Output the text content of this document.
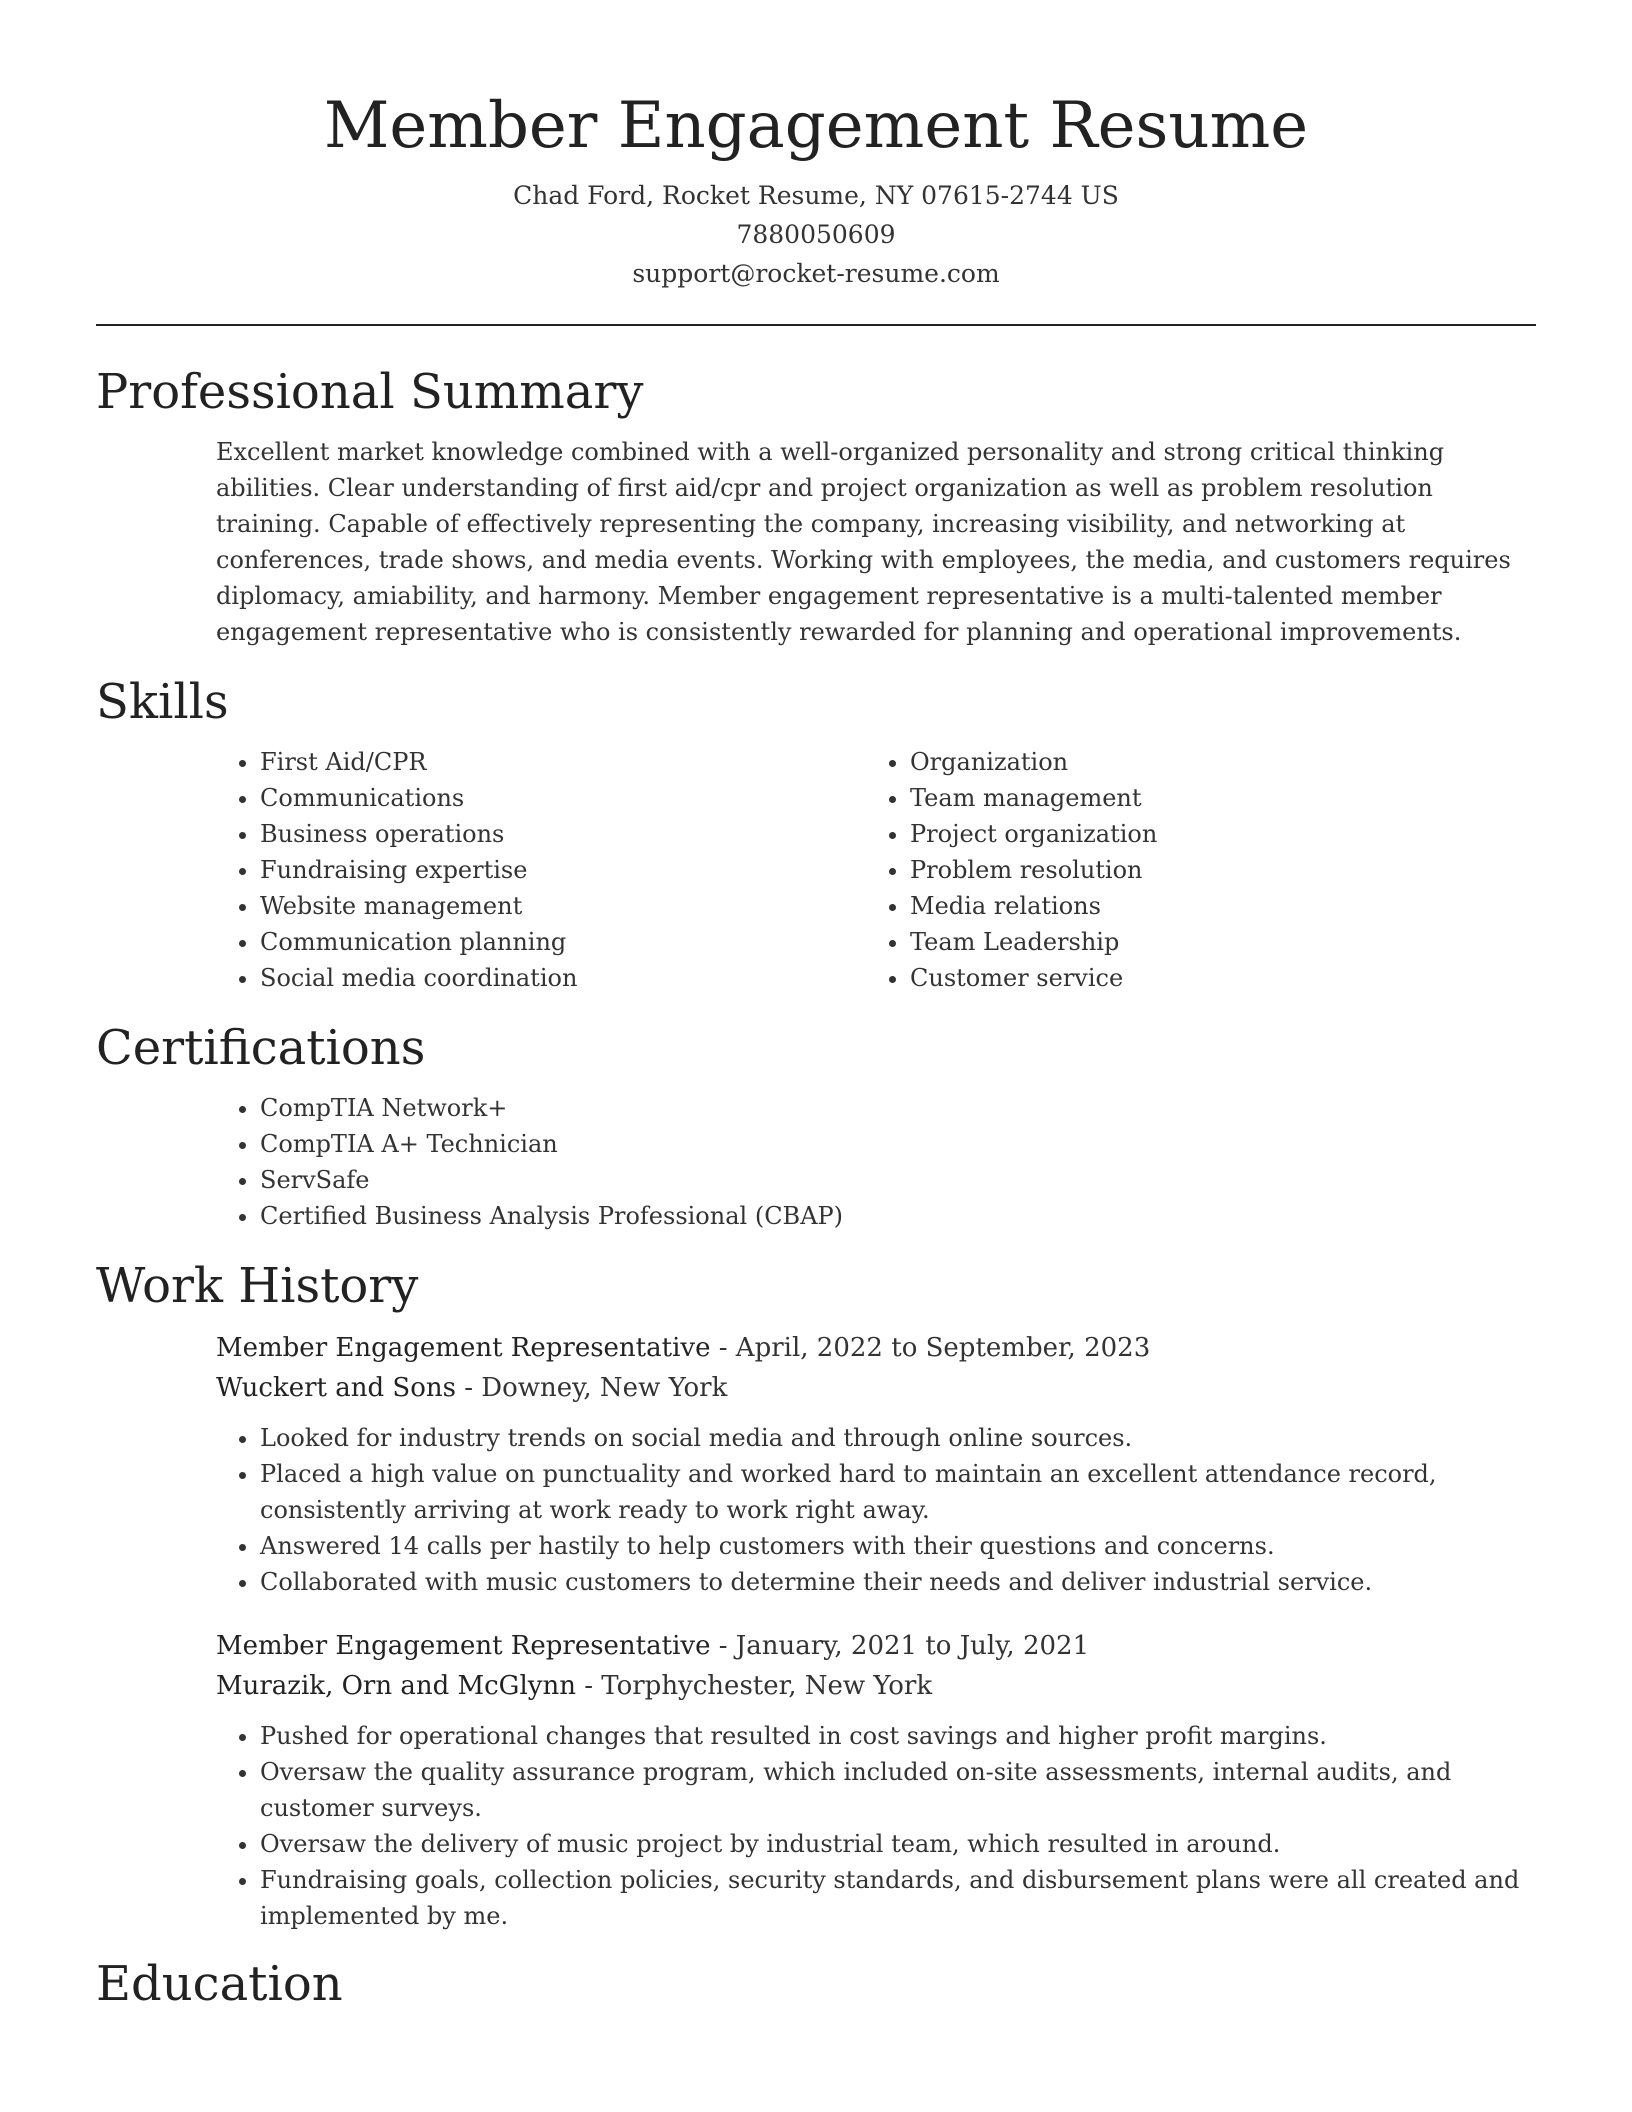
Member Engagement Resume
Chad Ford, Rocket Resume, NY 07615-2744 US
7880050609
support@rocket-resume.com
Professional Summary

Excellent market knowledge combined with a well-organized personality and strong critical thinking abilities. Clear understanding of first aid/cpr and project organization as well as problem resolution training. Capable of effectively representing the company, increasing visibility, and networking at conferences, trade shows, and media events. Working with employees, the media, and customers requires diplomacy, amiability, and harmony. Member engagement representative is a multi-talented member engagement representative who is consistently rewarded for planning and operational improvements.

Skills
• First Aid/CPR
• Communications
• Business operations
• Fundraising expertise
• Website management
• Communication planning
• Social media coordination
• Organization
• Team management
• Project organization
• Problem resolution
• Media relations
• Team Leadership
• Customer service
Certifications
• CompTIA Network+
• CompTIA A+ Technician
• ServSafe
• Certified Business Analysis Professional (CBAP)
Work History
Member Engagement Representative - April, 2022 to September, 2023
Wuckert and Sons - Downey, New York
• Looked for industry trends on social media and through online sources.
• Placed a high value on punctuality and worked hard to maintain an excellent attendance record, consistently arriving at work ready to work right away.
• Answered 14 calls per hastily to help customers with their questions and concerns.
• Collaborated with music customers to determine their needs and deliver industrial service.
Member Engagement Representative - January, 2021 to July, 2021
Murazik, Orn and McGlynn - Torphychester, New York
• Pushed for operational changes that resulted in cost savings and higher profit margins.
• Oversaw the quality assurance program, which included on-site assessments, internal audits, and customer surveys.
• Oversaw the delivery of music project by industrial team, which resulted in around.
• Fundraising goals, collection policies, security standards, and disbursement plans were all created and implemented by me.
Education
